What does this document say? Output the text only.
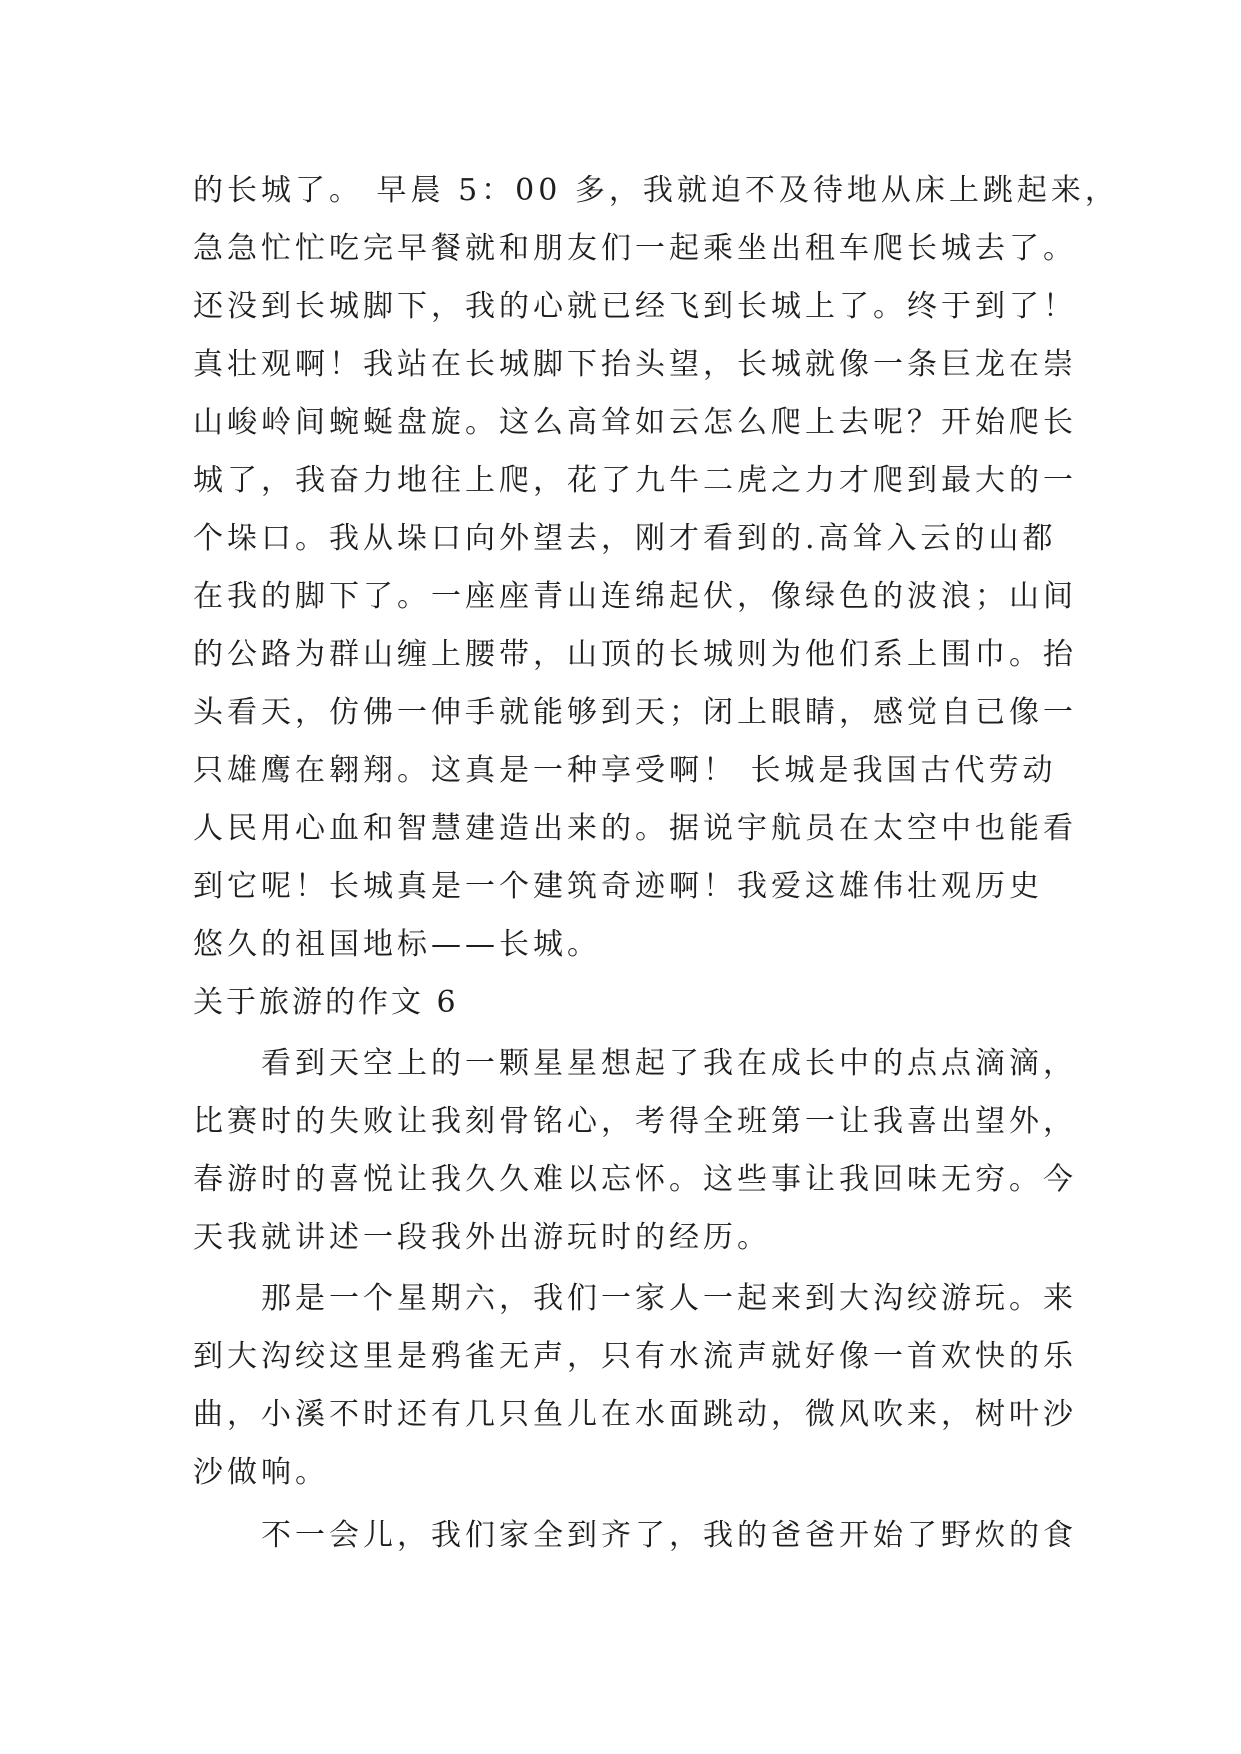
的长城了。 早晨 5：00 多，我就迫不及待地从床上跳起来，
急急忙忙吃完早餐就和朋友们一起乘坐出租车爬长城去了。
还没到长城脚下，我的心就已经飞到长城上了。终于到了！
真壮观啊！我站在长城脚下抬头望，长城就像一条巨龙在崇
山峻岭间蜿蜒盘旋。这么高耸如云怎么爬上去呢？开始爬长
城了，我奋力地往上爬，花了九牛二虎之力才爬到最大的一
个垛口。我从垛口向外望去，刚才看到的.高耸入云的山都
在我的脚下了。一座座青山连绵起伏，像绿色的波浪；山间
的公路为群山缠上腰带，山顶的长城则为他们系上围巾。抬
头看天，仿佛一伸手就能够到天；闭上眼睛，感觉自已像一
只雄鹰在翱翔。这真是一种享受啊！ 长城是我国古代劳动
人民用心血和智慧建造出来的。据说宇航员在太空中也能看
到它呢！长城真是一个建筑奇迹啊！我爱这雄伟壮观历史
悠久的祖国地标——长城。
关于旅游的作文 6
看到天空上的一颗星星想起了我在成长中的点点滴滴，
比赛时的失败让我刻骨铭心，考得全班第一让我喜出望外，
春游时的喜悦让我久久难以忘怀。这些事让我回味无穷。今
天我就讲述一段我外出游玩时的经历。
那是一个星期六，我们一家人一起来到大沟绞游玩。来
到大沟绞这里是鸦雀无声，只有水流声就好像一首欢快的乐
曲，小溪不时还有几只鱼儿在水面跳动，微风吹来，树叶沙
沙做响。
不一会儿，我们家全到齐了，我的爸爸开始了野炊的食
